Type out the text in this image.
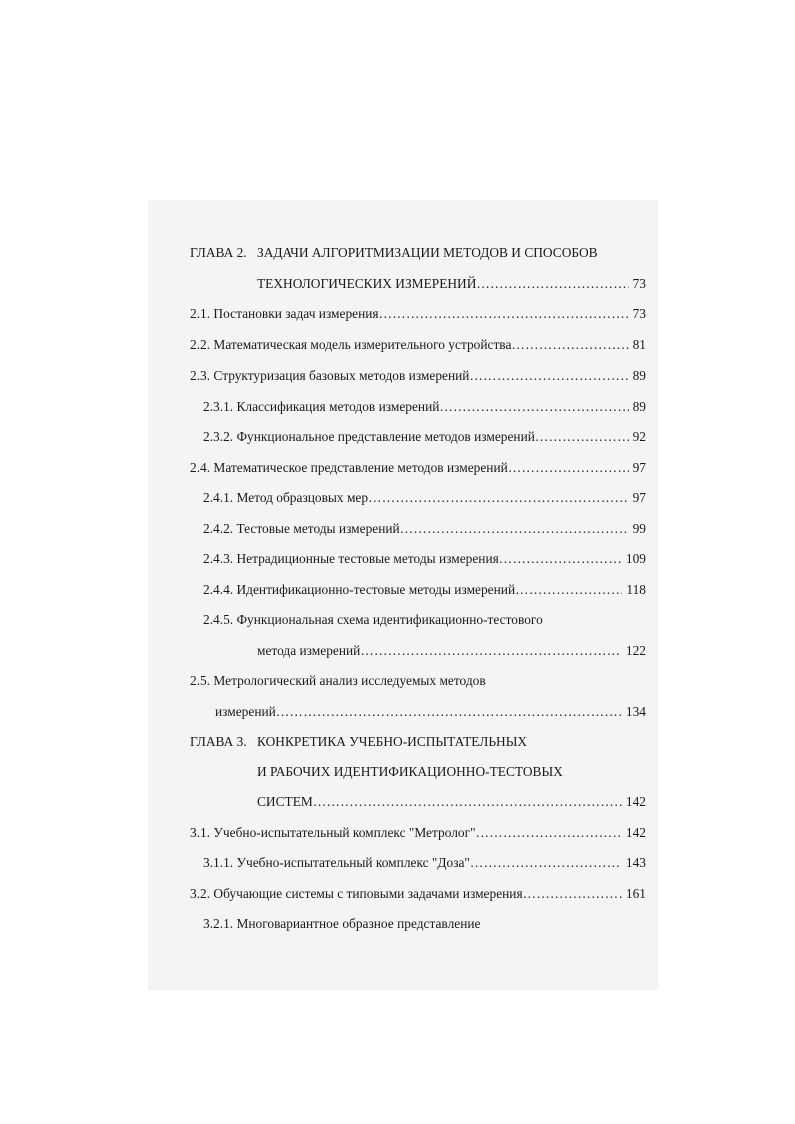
ГЛАВА 2. ЗАДАЧИ АЛГОРИТМИЗАЦИИ МЕТОДОВ И СПОСОБОВ
ТЕХНОЛОГИЧЕСКИХ ИЗМЕРЕНИЙ ……………………………………………………………………………………………………	73
2.1. Постановки задач измерения ……………………………………………………………………………………………………	73
2.2. Математическая модель измерительного устройства ……………………………………………………………………………………………………	81
2.3. Структуризация базовых методов измерений ……………………………………………………………………………………………………	89
2.3.1. Классификация методов измерений ……………………………………………………………………………………………………	89
2.3.2. Функциональное представление методов измерений ……………………………………………………………………………………………………	92
2.4. Математическое представление методов измерений ……………………………………………………………………………………………………	97
2.4.1. Метод образцовых мер ……………………………………………………………………………………………………	97
2.4.2. Тестовые методы измерений ……………………………………………………………………………………………………	99
2.4.3. Нетрадиционные тестовые методы измерения ……………………………………………………………………………………………………	109
2.4.4. Идентификационно-тестовые методы измерений ……………………………………………………………………………………………………	118
2.4.5. Функциональная схема идентификационно-тестового
метода измерений ……………………………………………………………………………………………………	122
2.5. Метрологический анализ исследуемых методов
измерений ……………………………………………………………………………………………………	134
ГЛАВА 3. КОНКРЕТИКА УЧЕБНО-ИСПЫТАТЕЛЬНЫХ
И РАБОЧИХ ИДЕНТИФИКАЦИОННО-ТЕСТОВЫХ
СИСТЕМ ……………………………………………………………………………………………………	142
3.1. Учебно-испытательный комплекс "Метролог" ……………………………………………………………………………………………………	142
3.1.1. Учебно-испытательный комплекс "Доза" ……………………………………………………………………………………………………	143
3.2. Обучающие системы с типовыми задачами измерения ……………………………………………………………………………………………………	161
3.2.1. Многовариантное образное представление
